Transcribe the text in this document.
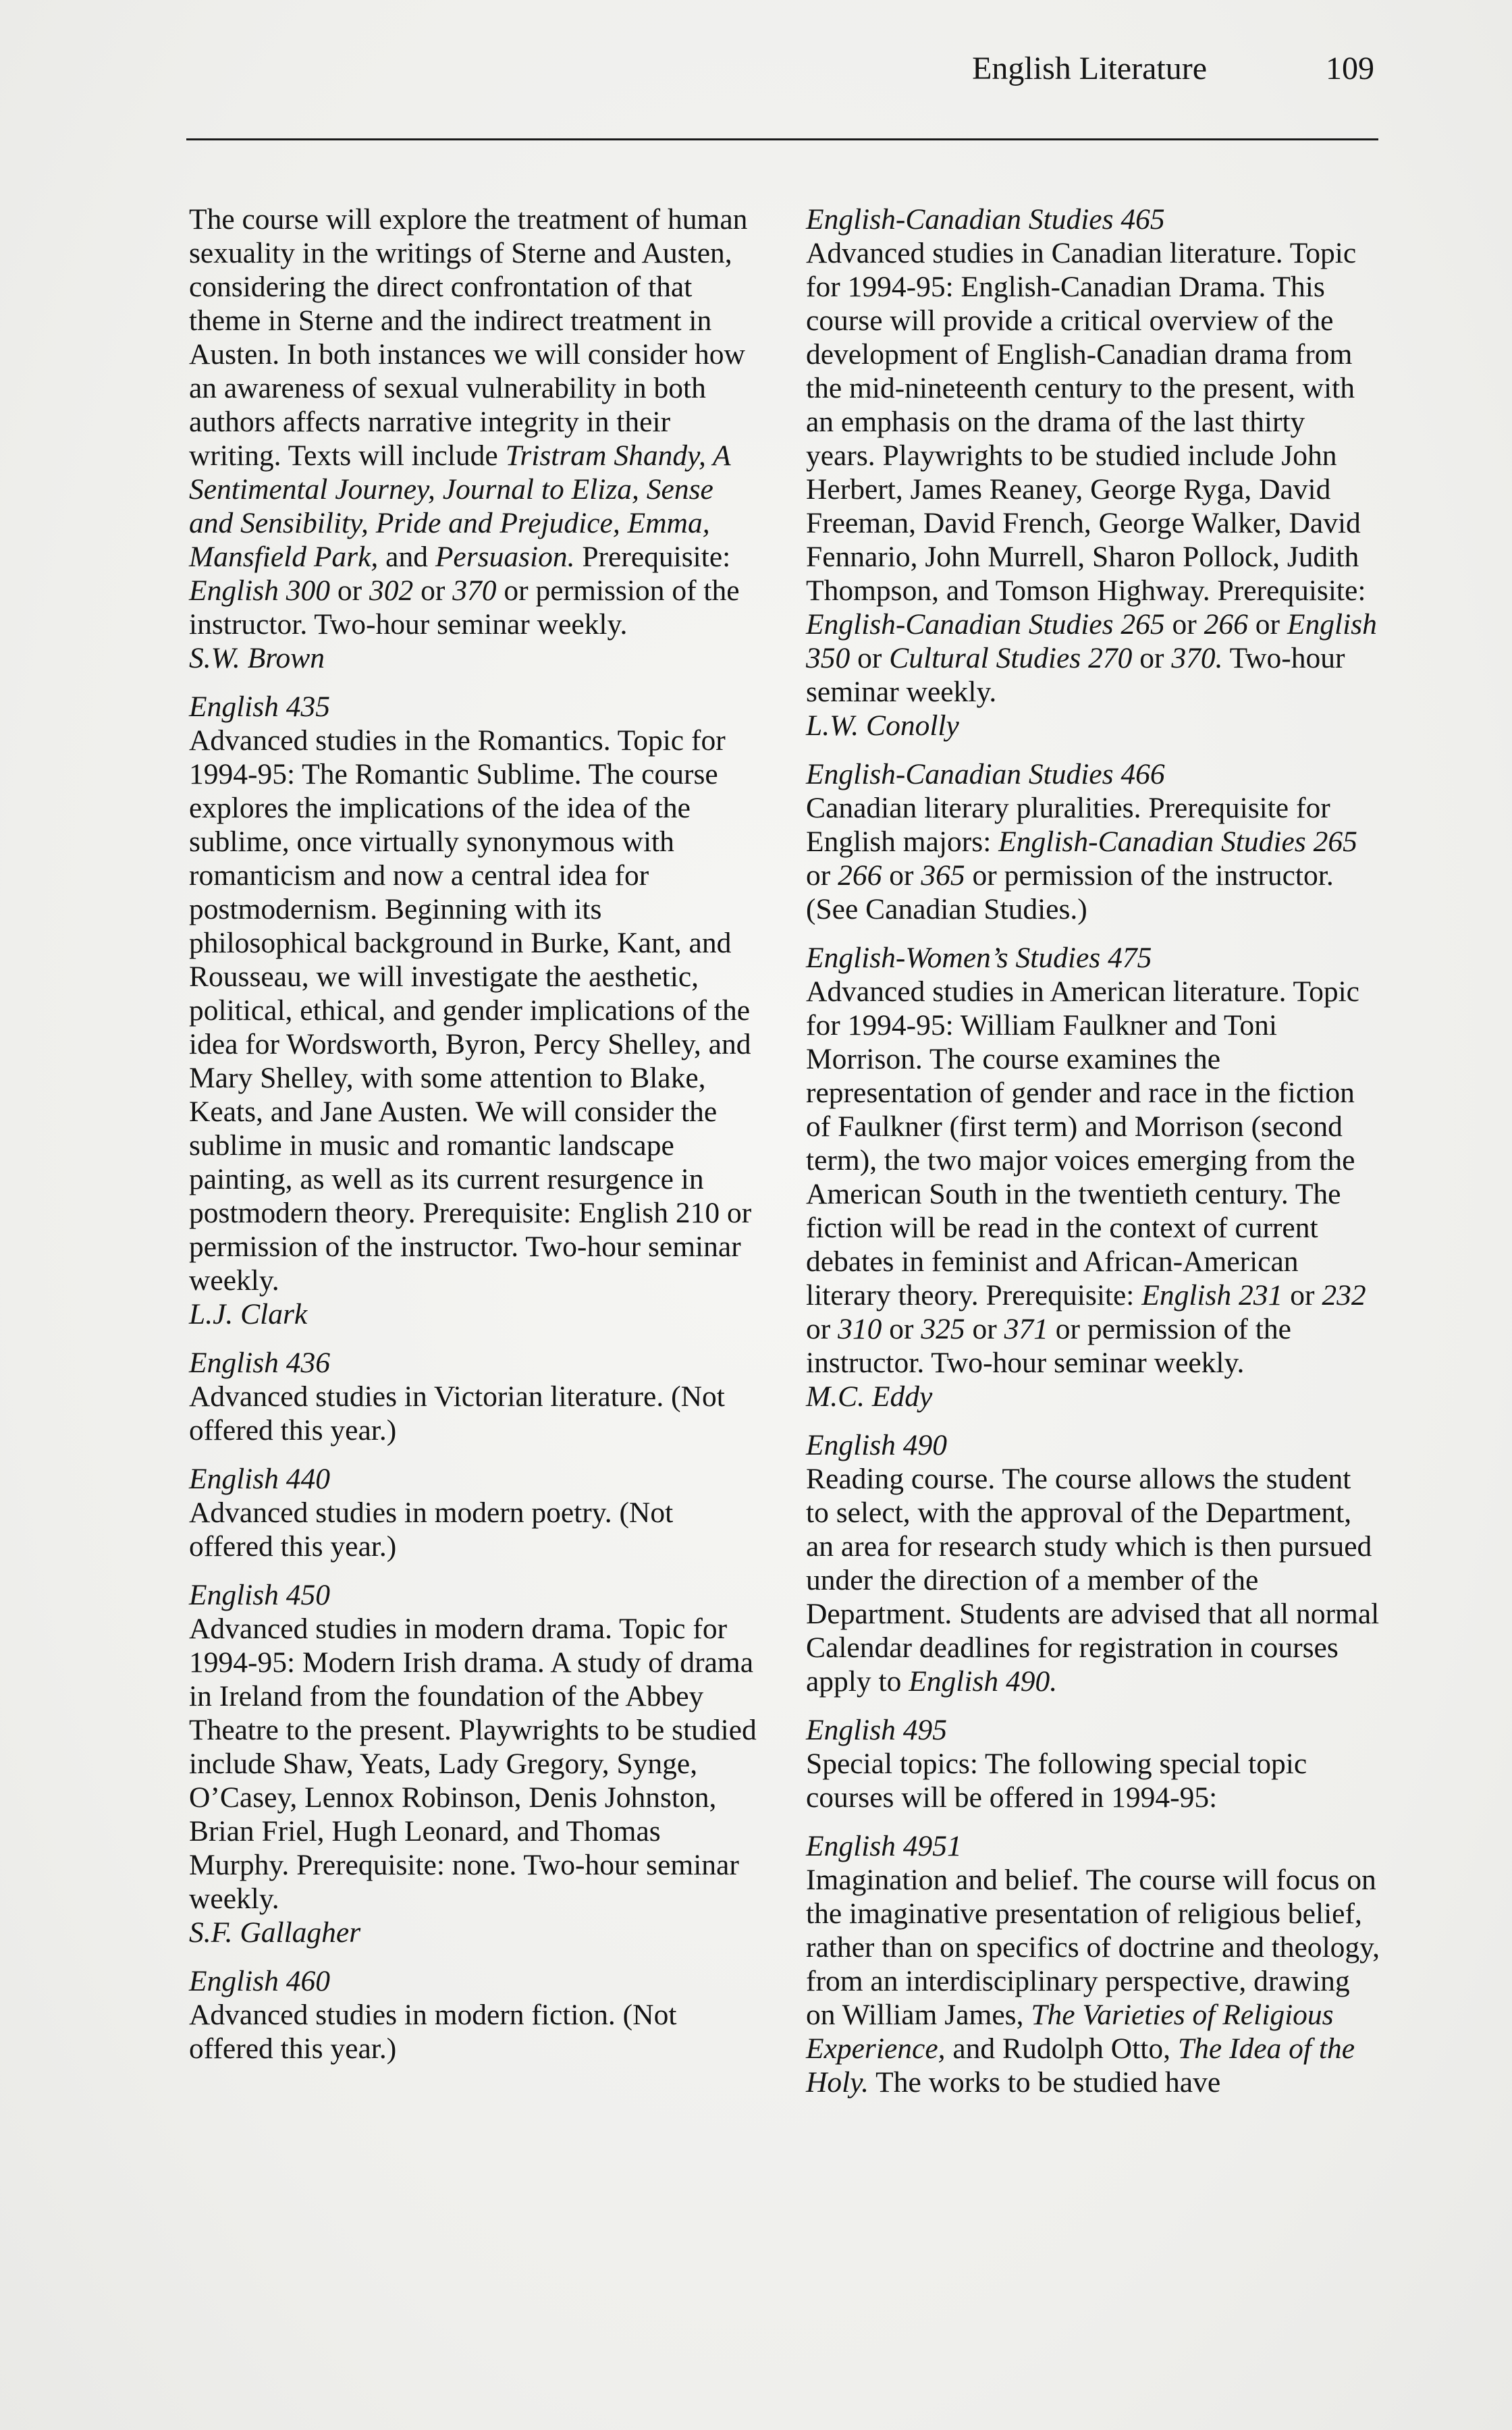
English Literature	109

The course will explore the treatment of human sexuality in the writings of Sterne and Austen, considering the direct confrontation of that theme in Sterne and the indirect treatment in Austen. In both instances we will consider how an awareness of sexual vulnerability in both authors affects narrative integrity in their writing. Texts will include Tristram Shandy, A Sentimental Journey, Journal to Eliza, Sense and Sensibility, Pride and Prejudice, Emma, Mansfield Park, and Persuasion. Prerequisite: English 300 or 302 or 370 or permission of the instructor. Two-hour seminar weekly.

S.W. Brown
English 435

Advanced studies in the Romantics. Topic for 1994-95: The Romantic Sublime. The course explores the implications of the idea of the sublime, once virtually synonymous with romanticism and now a central idea for postmodernism. Beginning with its philosophical background in Burke, Kant, and Rousseau, we will investigate the aesthetic, political, ethical, and gender implications of the idea for Wordsworth, Byron, Percy Shelley, and Mary Shelley, with some attention to Blake, Keats, and Jane Austen. We will consider the sublime in music and romantic landscape painting, as well as its current resurgence in postmodern theory. Prerequisite: English 210 or permission of the instructor. Two-hour seminar weekly.

L.J. Clark
English 436

Advanced studies in Victorian literature. (Not offered this year.)

English 440

Advanced studies in modern poetry. (Not offered this year.)

English 450

Advanced studies in modern drama. Topic for 1994-95: Modern Irish drama. A study of drama in Ireland from the foundation of the Abbey Theatre to the present. Playwrights to be studied include Shaw, Yeats, Lady Gregory, Synge, O’Casey, Lennox Robinson, Denis Johnston, Brian Friel, Hugh Leonard, and Thomas Murphy. Prerequisite: none. Two-hour seminar weekly.

S.F. Gallagher
English 460

Advanced studies in modern fiction. (Not offered this year.)

English-Canadian Studies 465

Advanced studies in Canadian literature. Topic for 1994-95: English-Canadian Drama. This course will provide a critical overview of the development of English-Canadian drama from the mid-nineteenth century to the present, with an emphasis on the drama of the last thirty years. Playwrights to be studied include John Herbert, James Reaney, George Ryga, David Freeman, David French, George Walker, David Fennario, John Murrell, Sharon Pollock, Judith Thompson, and Tomson Highway. Prerequisite: English-Canadian Studies 265 or 266 or English 350 or Cultural Studies 270 or 370. Two-hour seminar weekly.

L.W. Conolly
English-Canadian Studies 466

Canadian literary pluralities. Prerequisite for English majors: English-Canadian Studies 265 or 266 or 365 or permission of the instructor. (See Canadian Studies.)

English-Women’s Studies 475

Advanced studies in American literature. Topic for 1994-95: William Faulkner and Toni Morrison. The course examines the representation of gender and race in the fiction of Faulkner (first term) and Morrison (second term), the two major voices emerging from the American South in the twentieth century. The fiction will be read in the context of current debates in feminist and African-American literary theory. Prerequisite: English 231 or 232 or 310 or 325 or 371 or permission of the instructor. Two-hour seminar weekly.

M.C. Eddy
English 490

Reading course. The course allows the student to select, with the approval of the Department, an area for research study which is then pursued under the direction of a member of the Department. Students are advised that all normal Calendar deadlines for registration in courses apply to English 490.

English 495

Special topics: The following special topic courses will be offered in 1994-95:

English 4951

Imagination and belief. The course will focus on the imaginative presentation of religious belief, rather than on specifics of doctrine and theology, from an interdisciplinary perspective, drawing on William James, The Varieties of Religious Experience, and Rudolph Otto, The Idea of the Holy. The works to be studied have
